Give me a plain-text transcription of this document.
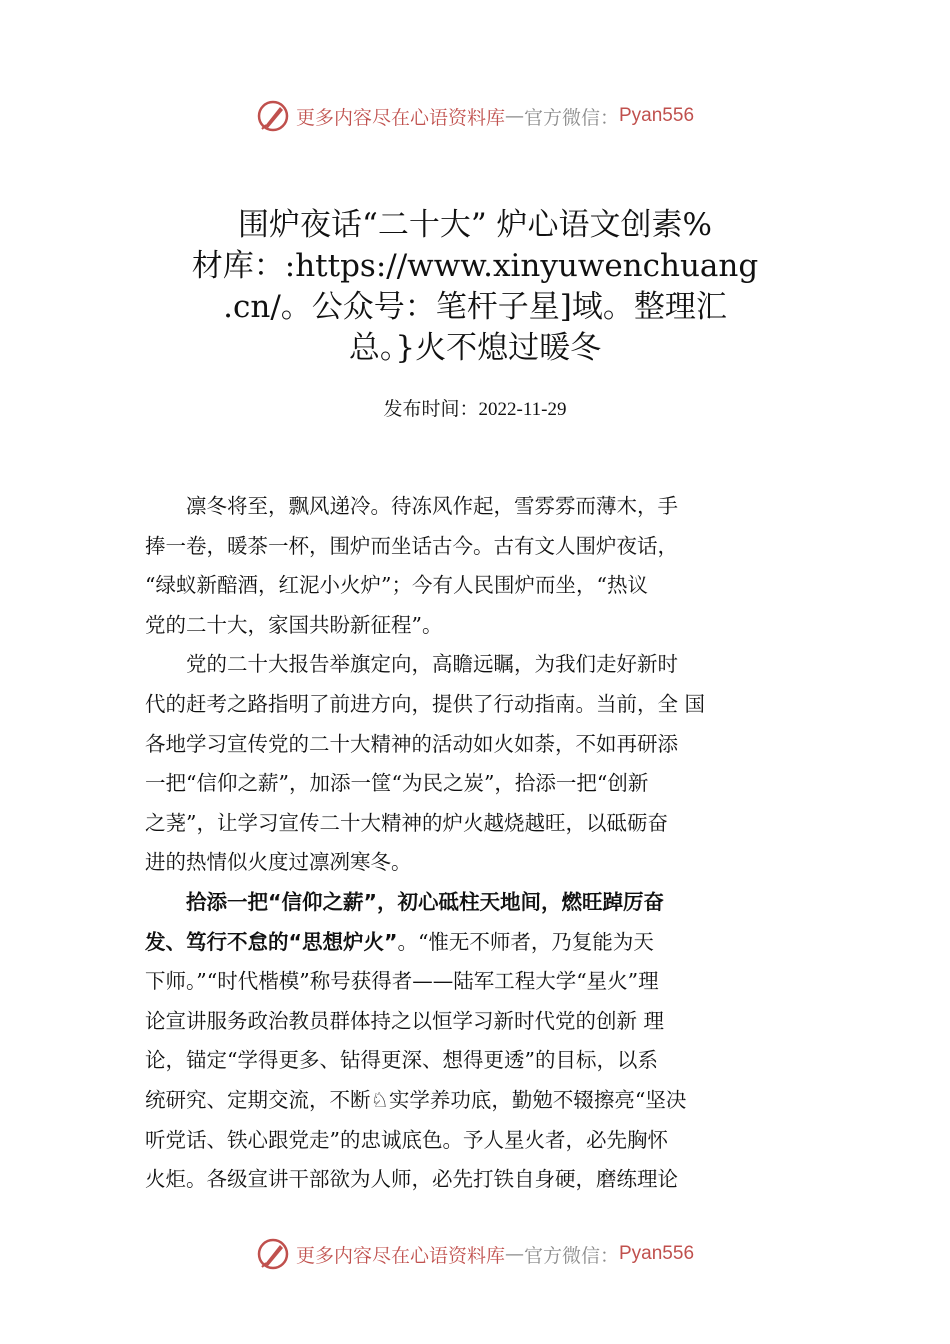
更多内容尽在心语资料库 — 官方微信： Pyan556
围炉夜话“二十大” 炉心语文创素%
材库：:https://www.xinyuwenchuang
.cn/。公众号：笔杆子星]域。整理汇
总。}火不熄过暖冬
发布时间：2022-11-29
　　凛冬将至，飘风递冷。待冻风作起，雪雰雰而薄木，手
捧一卷，暖茶一杯，围炉而坐话古今。古有文人围炉夜话，
“绿蚁新醅酒，红泥小火炉”；今有人民围炉而坐，“热议
党的二十大，家国共盼新征程”。
　　党的二十大报告举旗定向，高瞻远瞩，为我们走好新时
代的赶考之路指明了前进方向，提供了行动指南。当前，全 国
各地学习宣传党的二十大精神的活动如火如荼，不如再研添
一把“信仰之薪”，加添一筐“为民之炭”，拾添一把“创新
之荛”，让学习宣传二十大精神的炉火越烧越旺，以砥砺奋
进的热情似火度过凛冽寒冬。
　　拾添一把“信仰之薪”，初心砥柱天地间，燃旺踔厉奋
发、笃行不怠的“思想炉火”。“惟无不师者，乃复能为天
下师。”“时代楷模”称号获得者——陆军工程大学“星火”理
论宣讲服务政治教员群体持之以恒学习新时代党的创新 理
论，锚定“学得更多、钻得更深、想得更透”的目标，以系
统研究、定期交流，不断♘实学养功底，勤勉不辍擦亮“坚决
听党话、铁心跟党走”的忠诚底色。予人星火者，必先胸怀
火炬。各级宣讲干部欲为人师，必先打铁自身硬，磨练理论
更多内容尽在心语资料库 — 官方微信： Pyan556
